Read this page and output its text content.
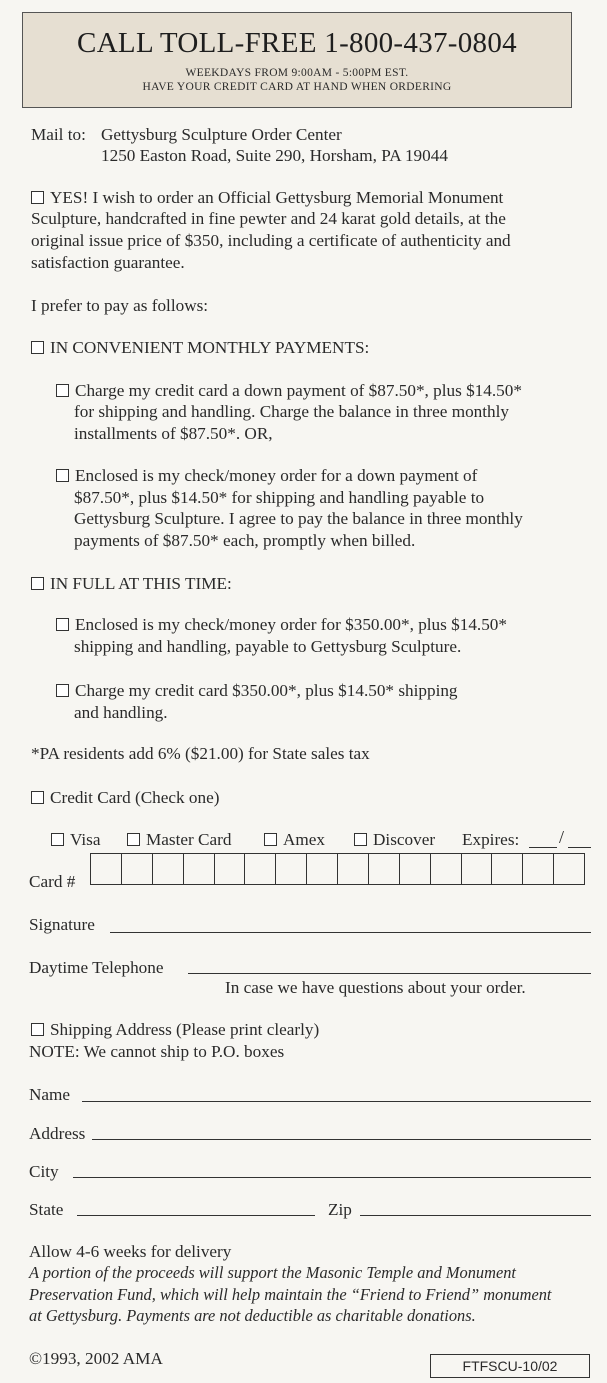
CALL TOLL-FREE 1-800-437-0804
WEEKDAYS FROM 9:00AM - 5:00PM EST.
HAVE YOUR CREDIT CARD AT HAND WHEN ORDERING
Mail to: Gettysburg Sculpture Order Center
1250 Easton Road, Suite 290, Horsham, PA 19044
YES! I wish to order an Official Gettysburg Memorial Monument
Sculpture, handcrafted in fine pewter and 24 karat gold details, at the
original issue price of $350, including a certificate of authenticity and
satisfaction guarantee.
I prefer to pay as follows:
IN CONVENIENT MONTHLY PAYMENTS:
Charge my credit card a down payment of $87.50*, plus $14.50*
for shipping and handling. Charge the balance in three monthly
installments of $87.50*. OR,
Enclosed is my check/money order for a down payment of
$87.50*, plus $14.50* for shipping and handling payable to
Gettysburg Sculpture. I agree to pay the balance in three monthly
payments of $87.50* each, promptly when billed.
IN FULL AT THIS TIME:
Enclosed is my check/money order for $350.00*, plus $14.50*
shipping and handling, payable to Gettysburg Sculpture.
Charge my credit card $350.00*, plus $14.50* shipping
and handling.
*PA residents add 6% ($21.00) for State sales tax
Credit Card (Check one)
Visa	Master Card	Amex	Discover Expires: /
Card #
Signature
Daytime Telephone
In case we have questions about your order.
Shipping Address (Please print clearly)
NOTE: We cannot ship to P.O. boxes
Name
Address
City
State	Zip
Allow 4-6 weeks for delivery
A portion of the proceeds will support the Masonic Temple and Monument
Preservation Fund, which will help maintain the “Friend to Friend” monument
at Gettysburg. Payments are not deductible as charitable donations.
©1993, 2002 AMA	FTFSCU-10/02
